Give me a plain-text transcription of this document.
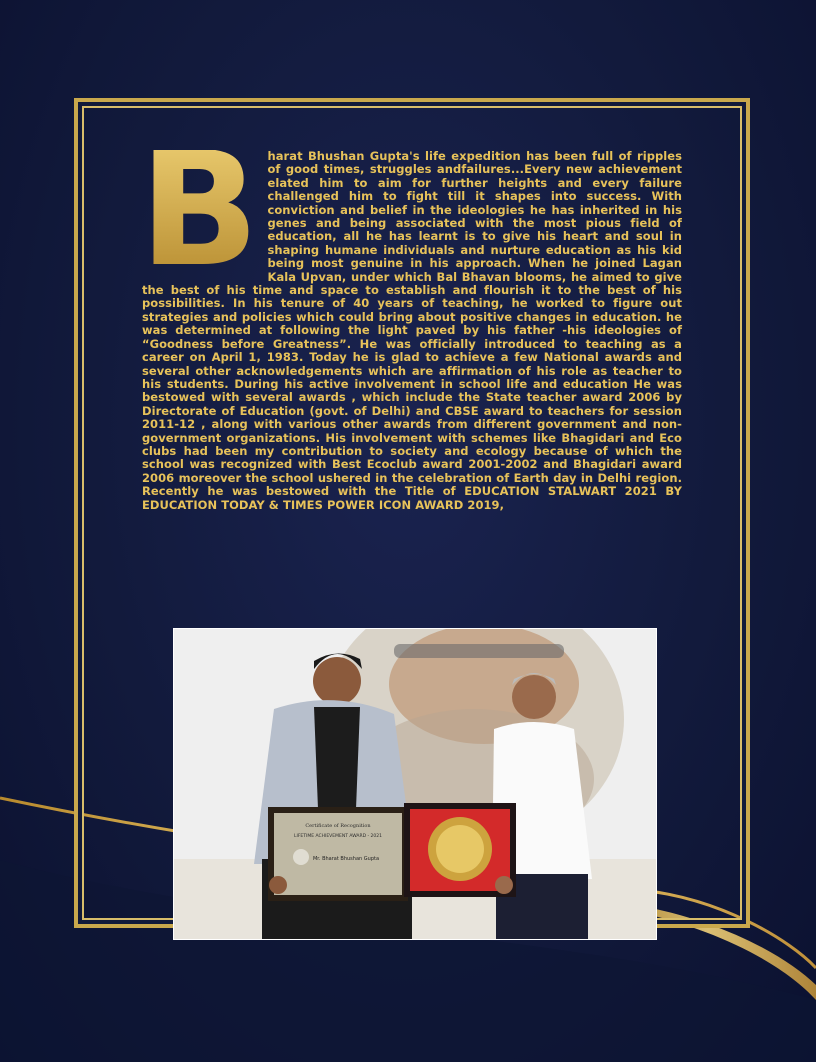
B harat Bhushan Gupta's life expedition has been full of ripples of good times, struggles andfailures...Every new achievement elated him to aim for further heights and every failure challenged him to fight till it shapes into success. With conviction and belief in the ideologies he has inherited in his genes and being associated with the most pious field of education, all he has learnt is to give his heart and soul in shaping humane individuals and nurture education as his kid being most genuine in his approach. When he joined Lagan Kala Upvan, under which Bal Bhavan blooms, he aimed to give the best of his time and space to establish and flourish it to the best of his possibilities. In his tenure of 40 years of teaching, he worked to figure out strategies and policies which could bring about positive changes in education. he was determined at following the light paved by his father -his ideologies of “Goodness before Greatness”. He was officially introduced to teaching as a career on April 1, 1983. Today he is glad to achieve a few National awards and several other acknowledgements which are affirmation of his role as teacher to his students. During his active involvement in school life and education He was bestowed with several awards , which include the State teacher award 2006 by Directorate of Education (govt. of Delhi) and CBSE award to teachers for session 2011-12 , along with various other awards from different government and non-government organizations. His involvement with schemes like Bhagidari and Eco clubs had been my contribution to society and ecology because of which the school was recognized with Best Ecoclub award 2001-2002 and Bhagidari award 2006 moreover the school ushered in the celebration of Earth day in Delhi region. Recently he was bestowed with the Title of EDUCATION STALWART 2021 BY EDUCATION TODAY & TIMES POWER ICON AWARD 2019,
Certificate of Recognition
LIFETIME ACHIEVEMENT AWARD - 2021
Mr. Bharat Bhushan Gupta
